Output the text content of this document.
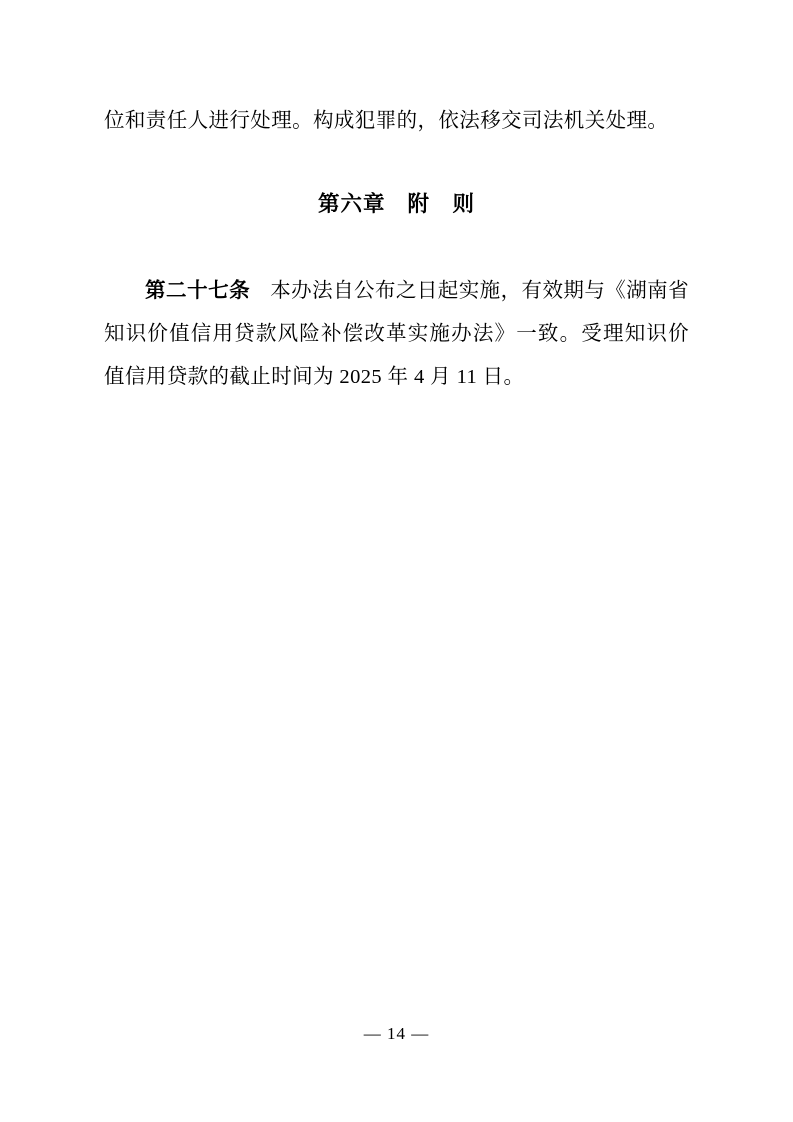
位和责任人进行处理。构成犯罪的，依法移交司法机关处理。

第六章 附　则

第二十七条 本办法自公布之日起实施，有效期与《湖南省知识价值信用贷款风险补偿改革实施办法》一致。受理知识价值信用贷款的截止时间为 2025 年 4 月 11 日。

— 14 —
